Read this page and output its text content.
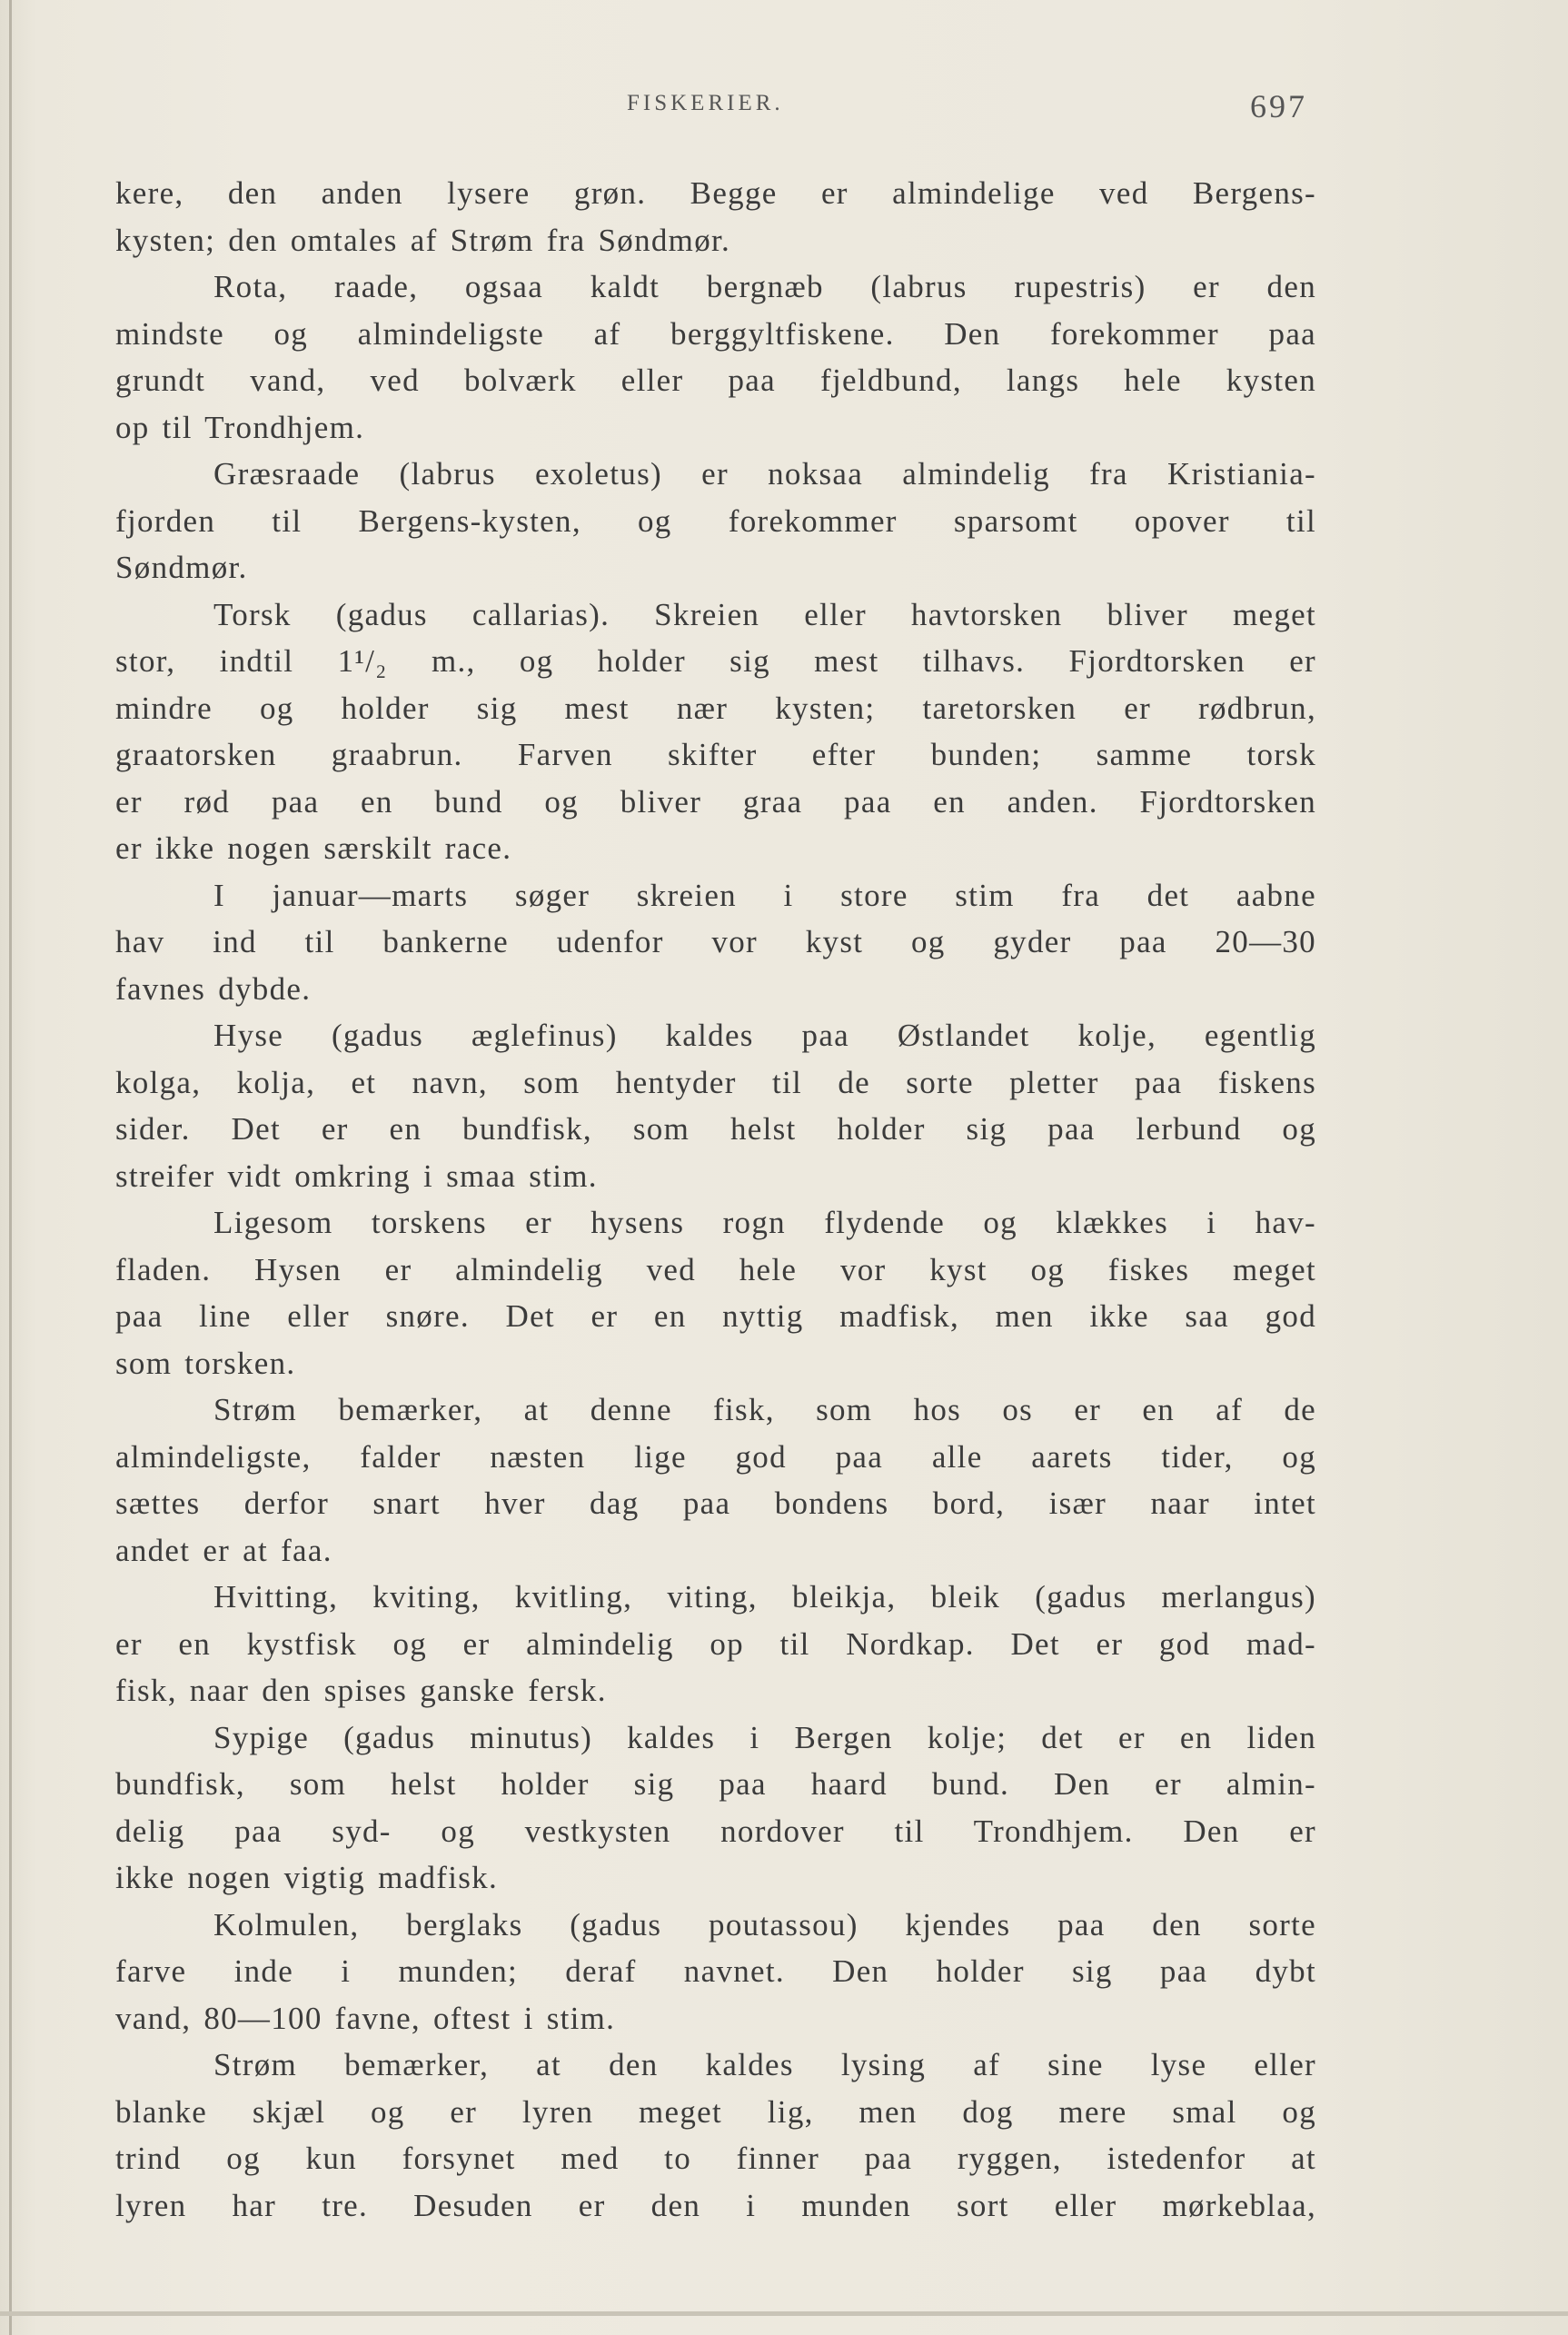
FISKERIER.	697
kere, den anden lysere grøn. Begge er almindelige ved Bergens-
kysten; den omtales af Strøm fra Søndmør.
Rota, raade, ogsaa kaldt bergnæb (labrus rupestris) er den
mindste og almindeligste af berggyltfiskene. Den forekommer paa
grundt vand, ved bolværk eller paa fjeldbund, langs hele kysten
op til Trondhjem.
Græsraade (labrus exoletus) er noksaa almindelig fra Kristiania-
fjorden til Bergens-kysten, og forekommer sparsomt opover til
Søndmør.
Torsk (gadus callarias). Skreien eller havtorsken bliver meget
stor, indtil 1¹/₂ m., og holder sig mest tilhavs. Fjordtorsken er
mindre og holder sig mest nær kysten; taretorsken er rødbrun,
graatorsken graabrun. Farven skifter efter bunden; samme torsk
er rød paa en bund og bliver graa paa en anden. Fjordtorsken
er ikke nogen særskilt race.
I januar—marts søger skreien i store stim fra det aabne
hav ind til bankerne udenfor vor kyst og gyder paa 20—30
favnes dybde.
Hyse (gadus æglefinus) kaldes paa Østlandet kolje, egentlig
kolga, kolja, et navn, som hentyder til de sorte pletter paa fiskens
sider. Det er en bundfisk, som helst holder sig paa lerbund og
streifer vidt omkring i smaa stim.
Ligesom torskens er hysens rogn flydende og klækkes i hav-
fladen. Hysen er almindelig ved hele vor kyst og fiskes meget
paa line eller snøre. Det er en nyttig madfisk, men ikke saa god
som torsken.
Strøm bemærker, at denne fisk, som hos os er en af de
almindeligste, falder næsten lige god paa alle aarets tider, og
sættes derfor snart hver dag paa bondens bord, især naar intet
andet er at faa.
Hvitting, kviting, kvitling, viting, bleikja, bleik (gadus merlangus)
er en kystfisk og er almindelig op til Nordkap. Det er god mad-
fisk, naar den spises ganske fersk.
Sypige (gadus minutus) kaldes i Bergen kolje; det er en liden
bundfisk, som helst holder sig paa haard bund. Den er almin-
delig paa syd- og vestkysten nordover til Trondhjem. Den er
ikke nogen vigtig madfisk.
Kolmulen, berglaks (gadus poutassou) kjendes paa den sorte
farve inde i munden; deraf navnet. Den holder sig paa dybt
vand, 80—100 favne, oftest i stim.
Strøm bemærker, at den kaldes lysing af sine lyse eller
blanke skjæl og er lyren meget lig, men dog mere smal og
trind og kun forsynet med to finner paa ryggen, istedenfor at
lyren har tre. Desuden er den i munden sort eller mørkeblaa,
